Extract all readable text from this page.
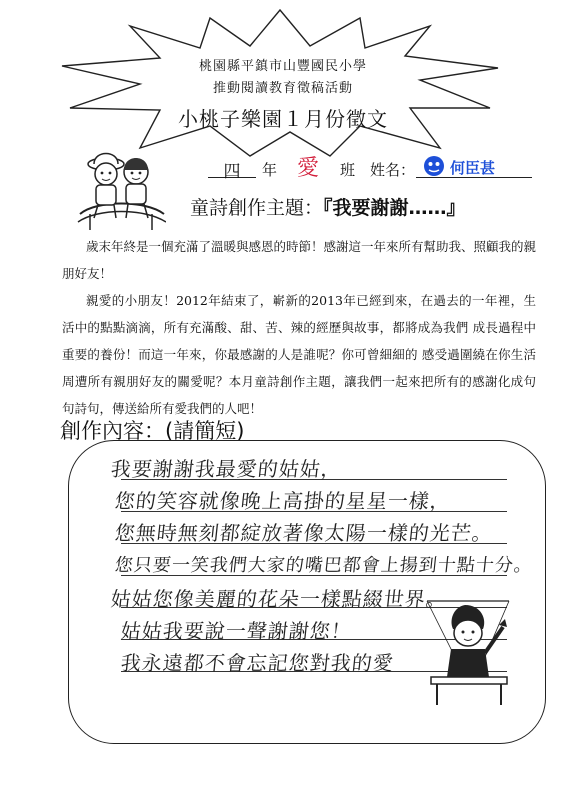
桃園縣平鎮市山豐國民小學
推動閱讀教育徵稿活動
小桃子樂園１月份徵文
四	年 愛	班 姓名： 何臣甚
童詩創作主題：『我要謝謝……』
歲末年終是一個充滿了溫暖與感恩的時節！感謝這一年來所有幫助我、照顧我的親朋好友！
親愛的小朋友！2012年結束了，嶄新的2013年已經到來，在過去的一年裡，生活中的點點滴滴，所有充滿酸、甜、苦、辣的經歷與故事，都將成為我們 成長過程中重要的養份！而這一年來，你最感謝的人是誰呢？你可曾細細的 感受過圍繞在你生活周遭所有親朋好友的關愛呢？本月童詩創作主題，讓我們一起來把所有的感謝化成句句詩句，傳送給所有愛我們的人吧！
創作內容：(請簡短)
我要謝謝我最愛的姑姑，
您的笑容就像晚上高掛的星星一樣，
您無時無刻都綻放著像太陽一樣的光芒。
您只要一笑我們大家的嘴巴都會上揚到十點十分。
姑姑您像美麗的花朵一樣點綴世界。
姑姑我要說一聲謝謝您！
我永遠都不會忘記您對我的愛
